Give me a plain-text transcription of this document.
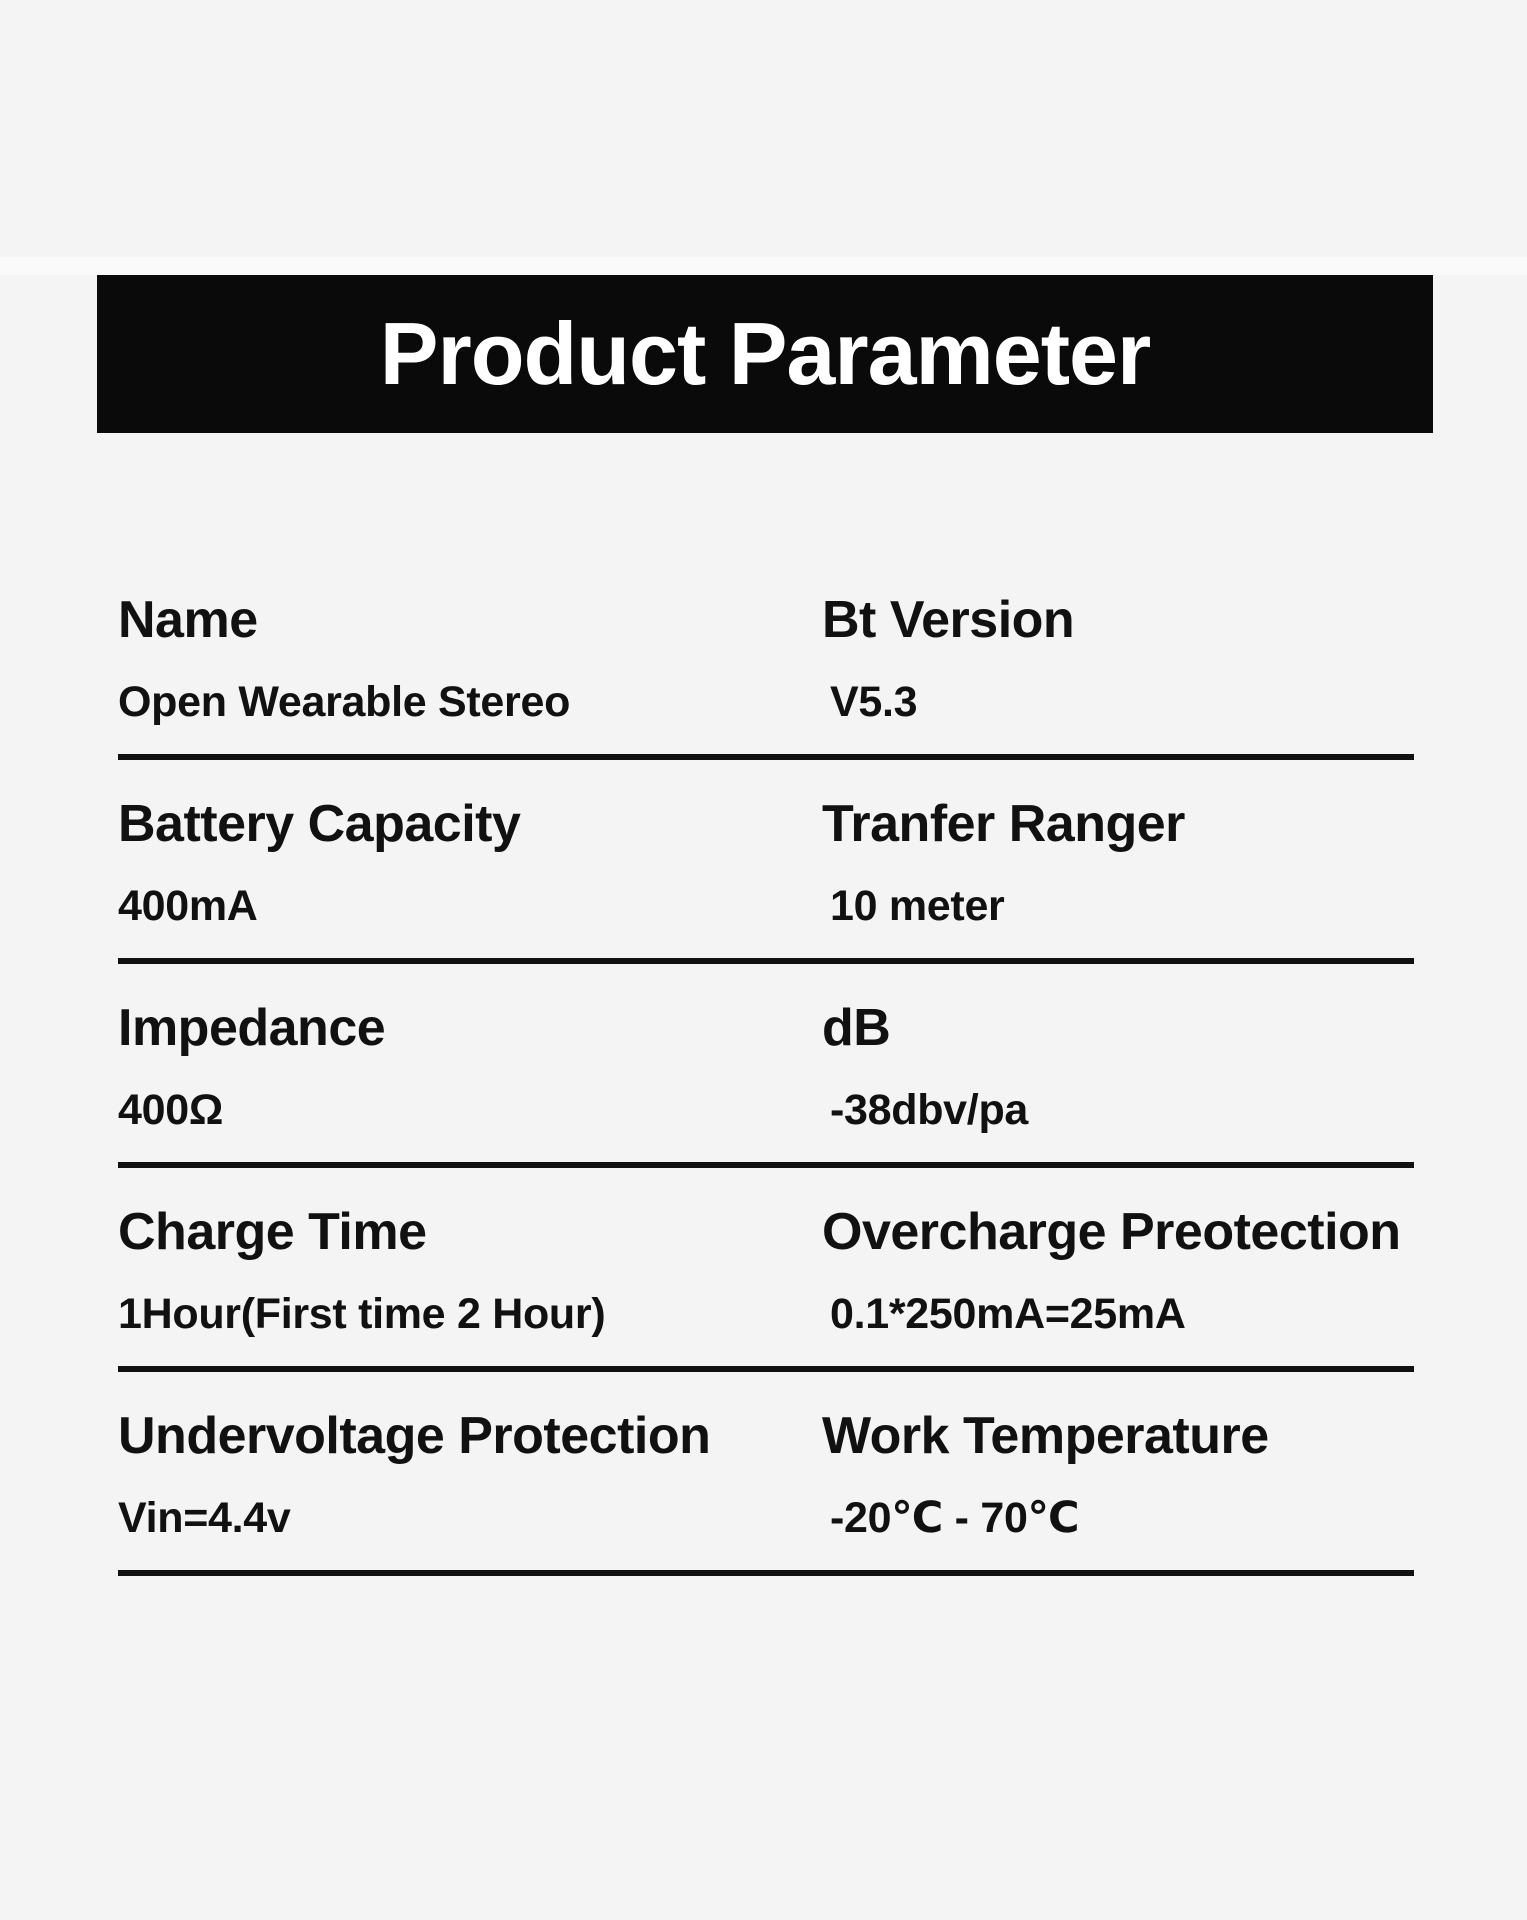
Product Parameter
Name
Open Wearable Stereo
Bt Version
V5.3
Battery Capacity
400mA
Tranfer Ranger
10 meter
Impedance
400Ω
dB
-38dbv/pa
Charge Time
1Hour(First time 2 Hour)
Overcharge Preotection
0.1*250mA=25mA
Undervoltage Protection
Vin=4.4v
Work Temperature
-20℃ - 70℃
